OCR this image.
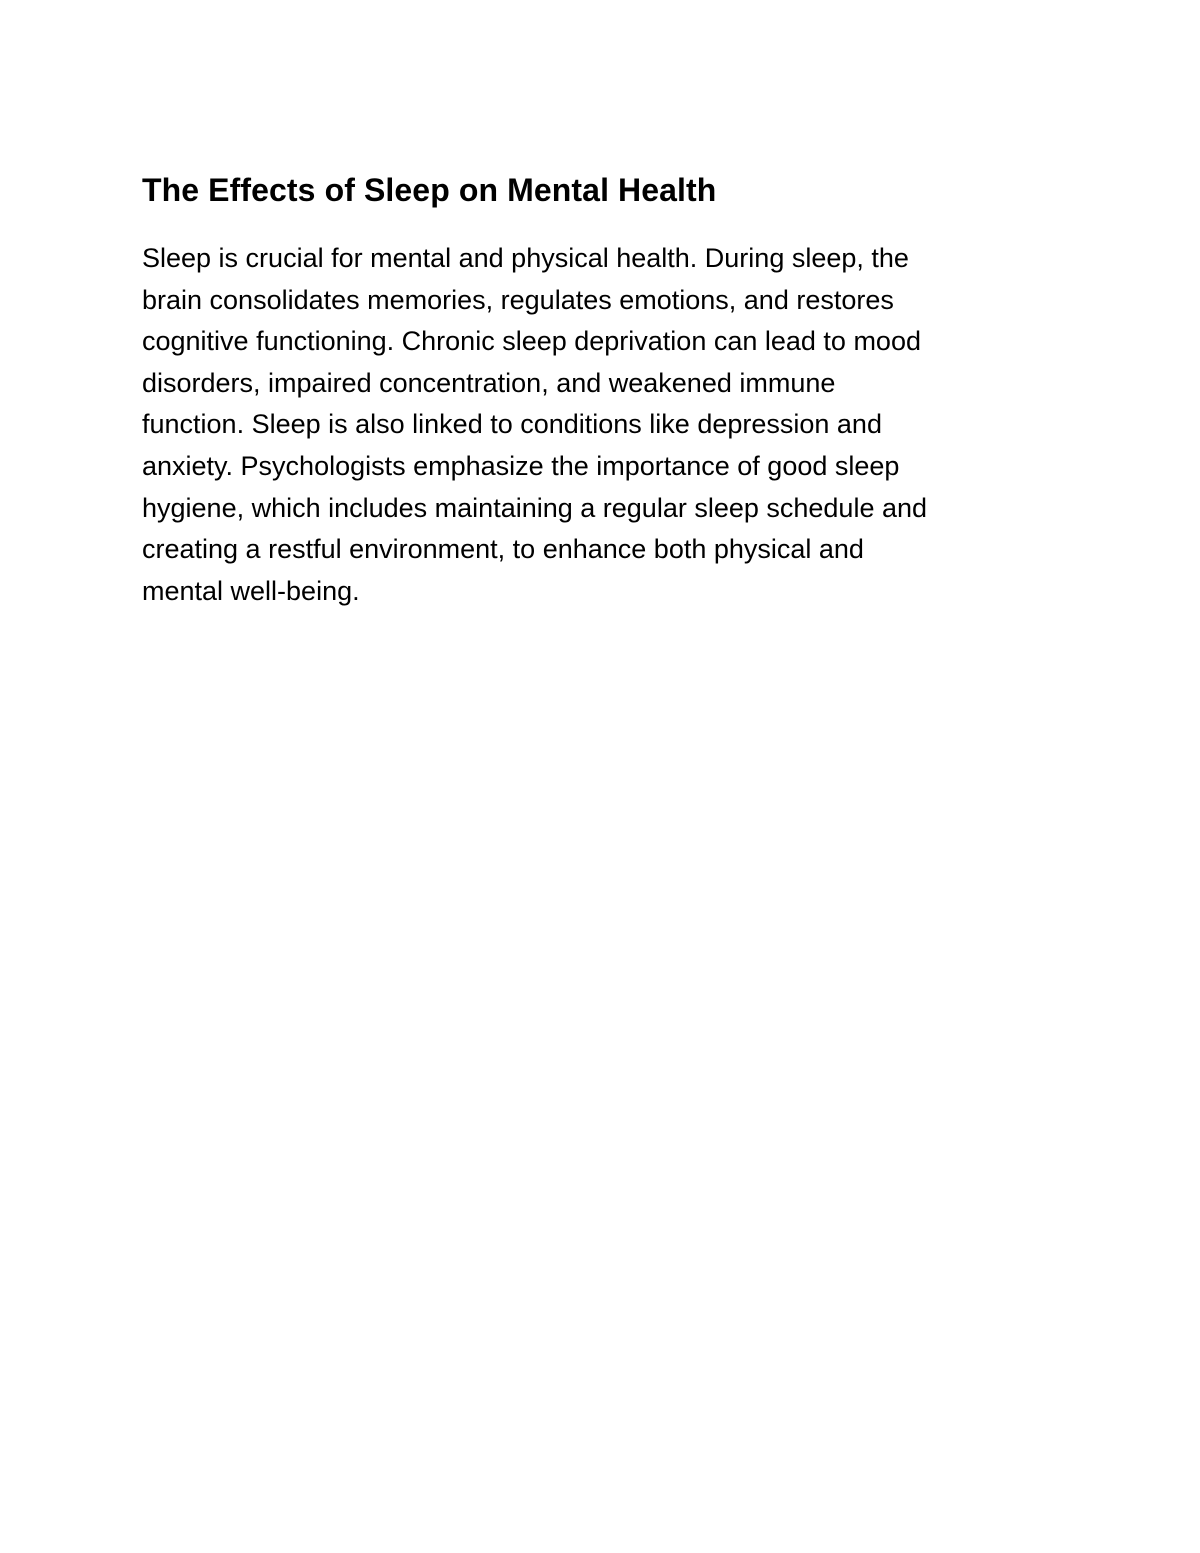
The Effects of Sleep on Mental Health

Sleep is crucial for mental and physical health. During sleep, the
brain consolidates memories, regulates emotions, and restores
cognitive functioning. Chronic sleep deprivation can lead to mood
disorders, impaired concentration, and weakened immune
function. Sleep is also linked to conditions like depression and
anxiety. Psychologists emphasize the importance of good sleep
hygiene, which includes maintaining a regular sleep schedule and
creating a restful environment, to enhance both physical and
mental well-being.
